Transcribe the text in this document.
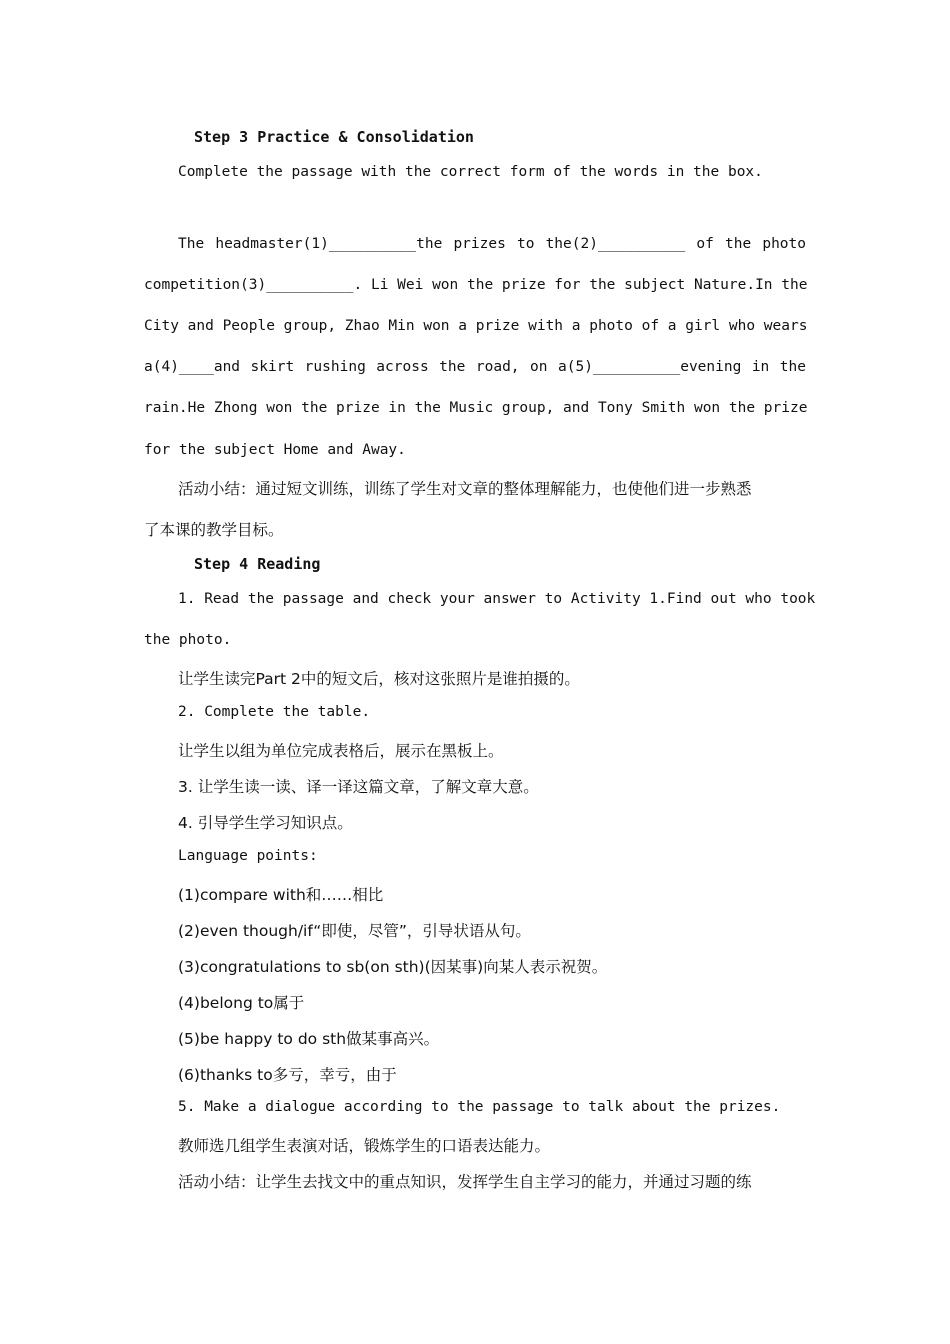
Step 3 Practice & Consolidation
Complete the passage with the correct form of the words in the box.
The headmaster(1)__________the prizes to the(2)__________ of the photo
competition(3)__________. Li Wei won the prize for the subject Nature.In the
City and People group, Zhao Min won a prize with a photo of a girl who wears
a(4)____and skirt rushing across the road, on a(5)__________evening in the
rain.He Zhong won the prize in the Music group, and Tony Smith won the prize
for the subject Home and Away.
活动小结：通过短文训练，训练了学生对文章的整体理解能力，也使他们进一步熟悉
了本课的教学目标。
Step 4 Reading
1. Read the passage and check your answer to Activity 1.Find out who took
the photo.
让学生读完Part 2中的短文后，核对这张照片是谁拍摄的。
2. Complete the table.
让学生以组为单位完成表格后，展示在黑板上。
3. 让学生读一读、译一译这篇文章，了解文章大意。
4. 引导学生学习知识点。
Language points:
(1)compare with和……相比
(2)even though/if“即使，尽管”，引导状语从句。
(3)congratulations to sb(on sth)(因某事)向某人表示祝贺。
(4)belong to属于
(5)be happy to do sth做某事高兴。
(6)thanks to多亏，幸亏，由于
5. Make a dialogue according to the passage to talk about the prizes.
教师选几组学生表演对话，锻炼学生的口语表达能力。
活动小结：让学生去找文中的重点知识，发挥学生自主学习的能力，并通过习题的练
